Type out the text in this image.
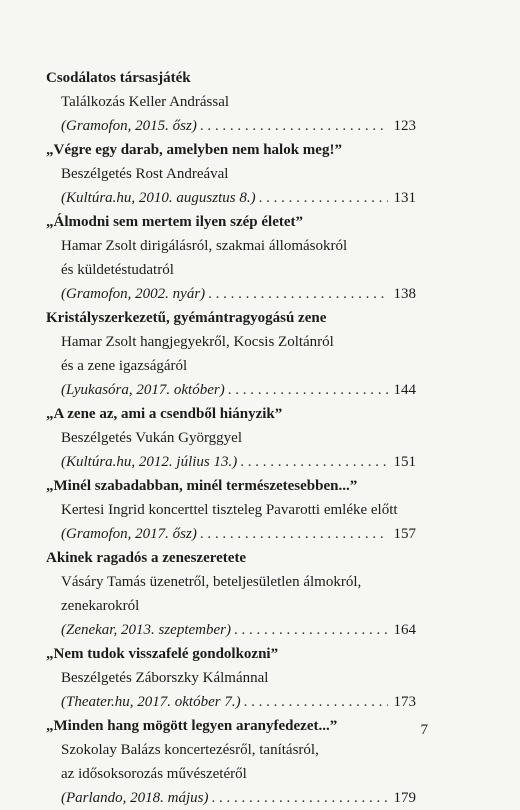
Csodálatos társasjáték
Találkozás Keller Andrással
(Gramofon, 2015. ősz) . . .	123
„Végre egy darab, amelyben nem halok meg!”
Beszélgetés Rost Andreával
(Kultúra.hu, 2010. augusztus 8.) . . .	131
„Álmodni sem mertem ilyen szép életet”
Hamar Zsolt dirigálásról, szakmai állomásokról
és küldetéstudatról
(Gramofon, 2002. nyár) . . .	138
Kristályszerkezetű, gyémántragyogású zene
Hamar Zsolt hangjegyekről, Kocsis Zoltánról
és a zene igazságáról
(Lyukasóra, 2017. október) . . .	144
„A zene az, ami a csendből hiányzik”
Beszélgetés Vukán Györggyel
(Kultúra.hu, 2012. július 13.) . . .	151
„Minél szabadabban, minél természetesebben...”
Kertesi Ingrid koncerttel tiszteleg Pavarotti emléke előtt
(Gramofon, 2017. ősz) . . .	157
Akinek ragadós a zeneszeretete
Vásáry Tamás üzenetről, beteljesületlen álmokról,
zenekarokról
(Zenekar, 2013. szeptember) . . .	164
„Nem tudok visszafelé gondolkozni”
Beszélgetés Záborszky Kálmánnal
(Theater.hu, 2017. október 7.) . . .	173
„Minden hang mögött legyen aranyfedezet...”
Szokolay Balázs koncertezésről, tanításról,
az idősoksorozás művészetéről
(Parlando, 2018. május) . . .	179
7
